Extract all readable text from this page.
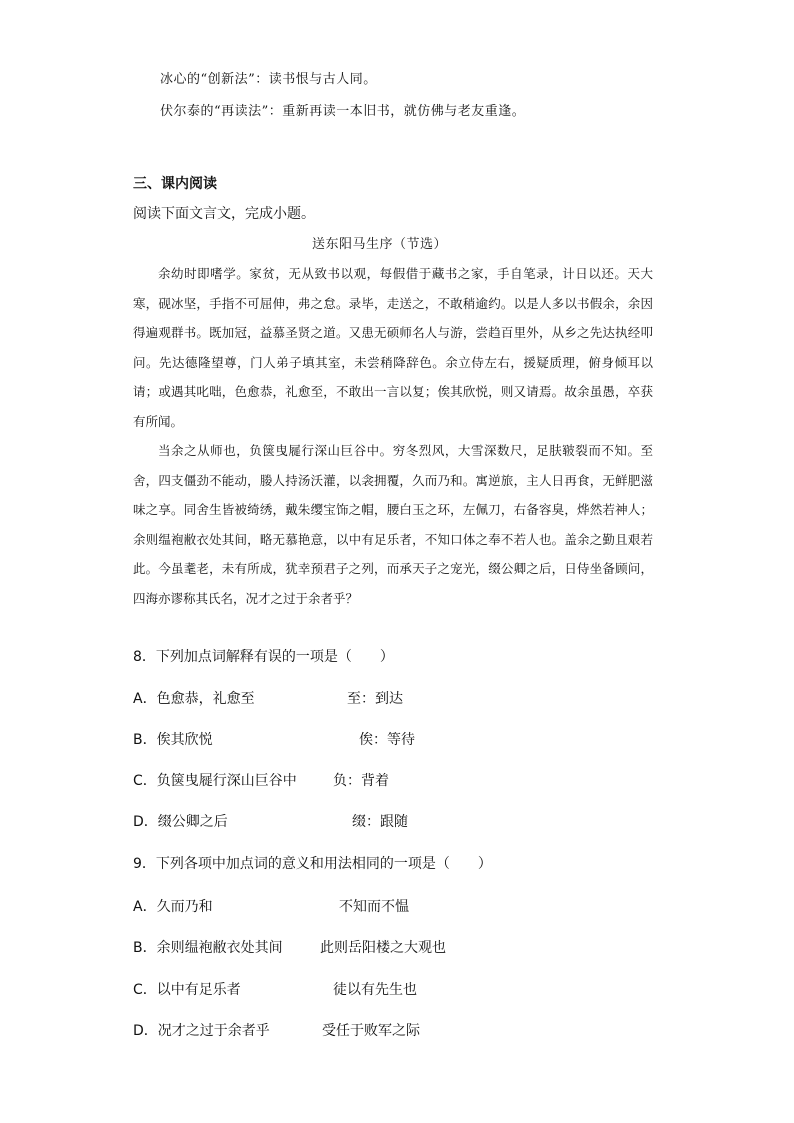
冰心的“创新法”：读书恨与古人同。
伏尔泰的“再读法”：重新再读一本旧书，就仿佛与老友重逢。
三、课内阅读
阅读下面文言文，完成小题。
送东阳马生序（节选）

余幼时即嗜学。家贫，无从致书以观，每假借于藏书之家，手自笔录，计日以还。天大寒，砚冰坚，手指不可屈伸，弗之怠。录毕，走送之，不敢稍逾约。以是人多以书假余，余因得遍观群书。既加冠，益慕圣贤之道。又患无硕师名人与游，尝趋百里外，从乡之先达执经叩问。先达德隆望尊，门人弟子填其室，未尝稍降辞色。余立侍左右，援疑质理，俯身倾耳以请；或遇其叱咄，色愈恭，礼愈至，不敢出一言以复；俟其欣悦，则又请焉。故余虽愚，卒获有所闻。

当余之从师也，负箧曳屣行深山巨谷中。穷冬烈风，大雪深数尺，足肤皲裂而不知。至舍，四支僵劲不能动，媵人持汤沃灌，以衾拥覆，久而乃和。寓逆旅，主人日再食，无鲜肥滋味之享。同舍生皆被绮绣，戴朱缨宝饰之帽，腰白玉之环，左佩刀，右备容臭，烨然若神人；余则缊袍敝衣处其间，略无慕艳意，以中有足乐者，不知口体之奉不若人也。盖余之勤且艰若此。今虽耄老，未有所成，犹幸预君子之列，而承天子之宠光，缀公卿之后，日侍坐备顾问，四海亦谬称其氏名，况才之过于余者乎？

8．下列加点词解释有误的一项是（　　）
A．色愈恭，礼愈至	至：到达
B．俟其欣悦	俟：等待
C．负箧曳屣行深山巨谷中	负：背着
D．缀公卿之后	缀：跟随
9．下列各项中加点词的意义和用法相同的一项是（　　）
A．久而乃和	不知而不愠
B．余则缊袍敝衣处其间	此则岳阳楼之大观也
C．以中有足乐者	徒以有先生也
D．况才之过于余者乎	受任于败军之际
